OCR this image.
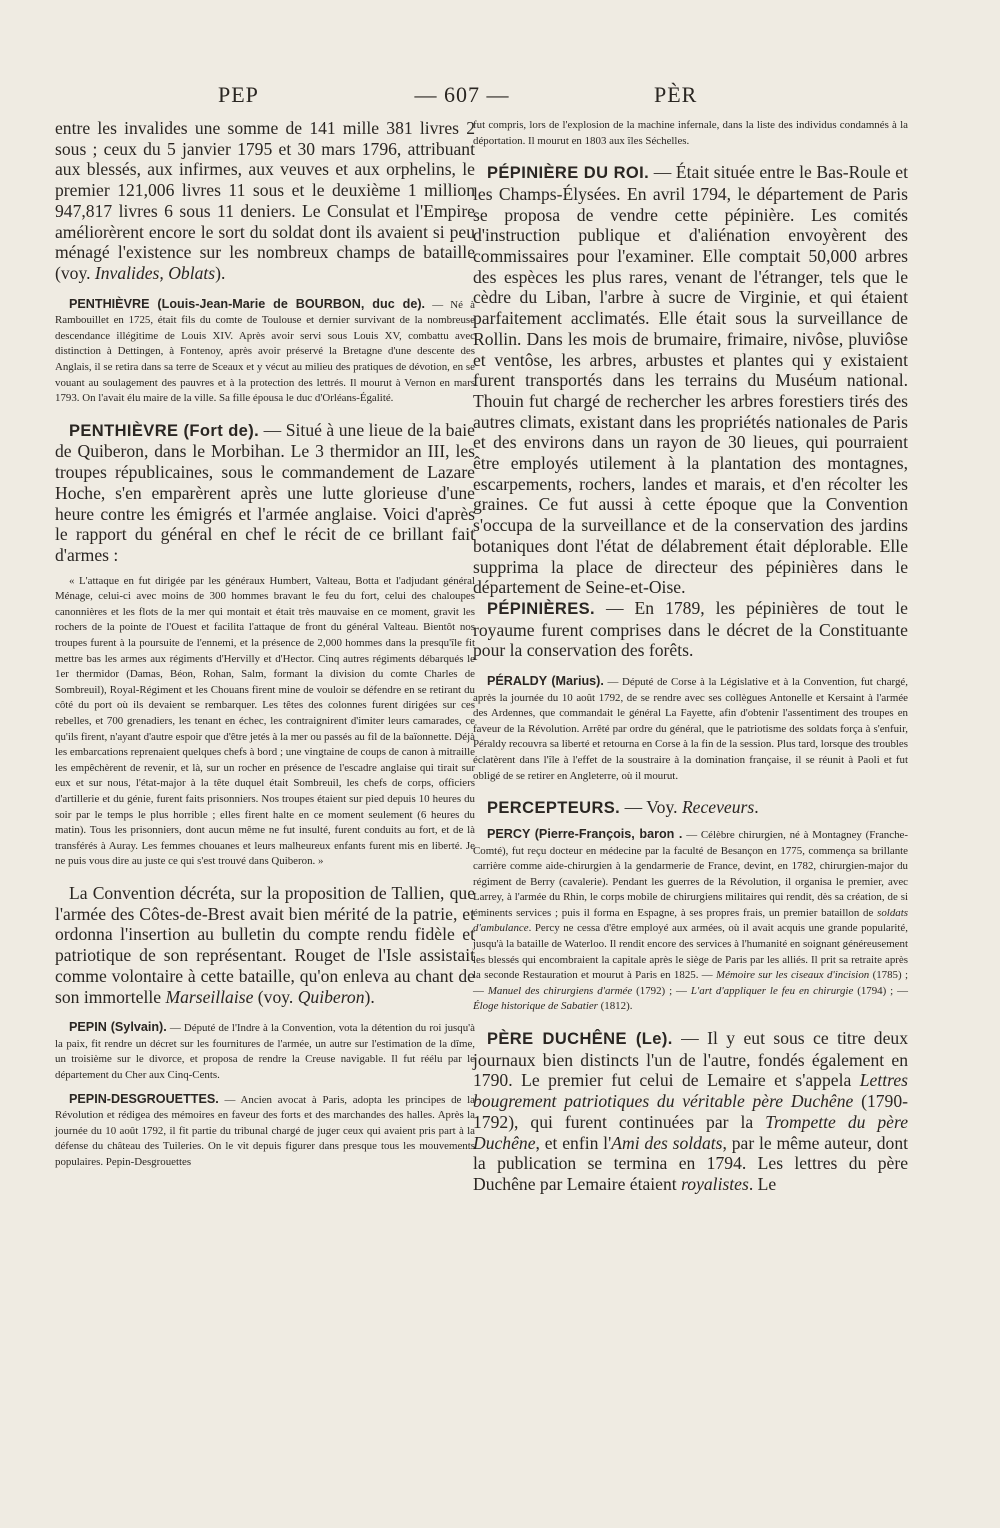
PEP	— 607 —	PÈR

entre les invalides une somme de 141 mille 381 livres 2 sous ; ceux du 5 janvier 1795 et 30 mars 1796, attribuant aux blessés, aux infirmes, aux veuves et aux orphelins, le premier 121,006 livres 11 sous et le deuxième 1 million 947,817 livres 6 sous 11 deniers. Le Consulat et l'Empire améliorèrent encore le sort du soldat dont ils avaient si peu ménagé l'existence sur les nombreux champs de bataille (voy. Invalides, Oblats).

PENTHIÈVRE (Louis-Jean-Marie de BOURBON, duc de). — Né à Rambouillet en 1725, était fils du comte de Toulouse et dernier survivant de la nombreuse descendance illégitime de Louis XIV. Après avoir servi sous Louis XV, combattu avec distinction à Dettingen, à Fontenoy, après avoir préservé la Bretagne d'une descente des Anglais, il se retira dans sa terre de Sceaux et y vécut au milieu des pratiques de dévotion, en se vouant au soulagement des pauvres et à la protection des lettrés. Il mourut à Vernon en mars 1793. On l'avait élu maire de la ville. Sa fille épousa le duc d'Orléans-Égalité.

PENTHIÈVRE (Fort de). — Situé à une lieue de la baie de Quiberon, dans le Morbihan. Le 3 thermidor an III, les troupes républicaines, sous le commandement de Lazare Hoche, s'en emparèrent après une lutte glorieuse d'une heure contre les émigrés et l'armée anglaise. Voici d'après le rapport du général en chef le récit de ce brillant fait d'armes :

« L'attaque en fut dirigée par les généraux Humbert, Valteau, Botta et l'adjudant général Ménage, celui-ci avec moins de 300 hommes bravant le feu du fort, celui des chaloupes canonnières et les flots de la mer qui montait et était très mauvaise en ce moment, gravit les rochers de la pointe de l'Ouest et facilita l'attaque de front du général Valteau. Bientôt nos troupes furent à la poursuite de l'ennemi, et la présence de 2,000 hommes dans la presqu'île fit mettre bas les armes aux régiments d'Hervilly et d'Hector. Cinq autres régiments débarqués le 1er thermidor (Damas, Béon, Rohan, Salm, formant la division du comte Charles de Sombreuil), Royal-Régiment et les Chouans firent mine de vouloir se défendre en se retirant du côté du port où ils devaient se rembarquer. Les têtes des colonnes furent dirigées sur ces rebelles, et 700 grenadiers, les tenant en échec, les contraignirent d'imiter leurs camarades, ce qu'ils firent, n'ayant d'autre espoir que d'être jetés à la mer ou passés au fil de la baïonnette. Déjà les embarcations reprenaient quelques chefs à bord ; une vingtaine de coups de canon à mitraille les empêchèrent de revenir, et là, sur un rocher en présence de l'escadre anglaise qui tirait sur eux et sur nous, l'état-major à la tête duquel était Sombreuil, les chefs de corps, officiers d'artillerie et du génie, furent faits prisonniers. Nos troupes étaient sur pied depuis 10 heures du soir par le temps le plus horrible ; elles firent halte en ce moment seulement (6 heures du matin). Tous les prisonniers, dont aucun même ne fut insulté, furent conduits au fort, et de là transférés à Auray. Les femmes chouanes et leurs malheureux enfants furent mis en liberté. Je ne puis vous dire au juste ce qui s'est trouvé dans Quiberon. »

La Convention décréta, sur la proposition de Tallien, que l'armée des Côtes-de-Brest avait bien mérité de la patrie, et ordonna l'insertion au bulletin du compte rendu fidèle et patriotique de son représentant. Rouget de l'Isle assistait comme volontaire à cette bataille, qu'on enleva au chant de son immortelle Marseillaise (voy. Quiberon).

PEPIN (Sylvain). — Député de l'Indre à la Convention, vota la détention du roi jusqu'à la paix, fit rendre un décret sur les fournitures de l'armée, un autre sur l'estimation de la dîme, un troisième sur le divorce, et proposa de rendre la Creuse navigable. Il fut réélu par le département du Cher aux Cinq-Cents.

PEPIN-DESGROUETTES. — Ancien avocat à Paris, adopta les principes de la Révolution et rédigea des mémoires en faveur des forts et des marchandes des halles. Après la journée du 10 août 1792, il fit partie du tribunal chargé de juger ceux qui avaient pris part à la défense du château des Tuileries. On le vit depuis figurer dans presque tous les mouvements populaires. Pepin-Desgrouettes

fut compris, lors de l'explosion de la machine infernale, dans la liste des individus condamnés à la déportation. Il mourut en 1803 aux îles Séchelles.

PÉPINIÈRE DU ROI. — Était située entre le Bas-Roule et les Champs-Élysées. En avril 1794, le département de Paris se proposa de vendre cette pépinière. Les comités d'instruction publique et d'aliénation envoyèrent des commissaires pour l'examiner. Elle comptait 50,000 arbres des espèces les plus rares, venant de l'étranger, tels que le cèdre du Liban, l'arbre à sucre de Virginie, et qui étaient parfaitement acclimatés. Elle était sous la surveillance de Rollin. Dans les mois de brumaire, frimaire, nivôse, pluviôse et ventôse, les arbres, arbustes et plantes qui y existaient furent transportés dans les terrains du Muséum national. Thouin fut chargé de rechercher les arbres forestiers tirés des autres climats, existant dans les propriétés nationales de Paris et des environs dans un rayon de 30 lieues, qui pourraient être employés utilement à la plantation des montagnes, escarpements, rochers, landes et marais, et d'en récolter les graines. Ce fut aussi à cette époque que la Convention s'occupa de la surveillance et de la conservation des jardins botaniques dont l'état de délabrement était déplorable. Elle supprima la place de directeur des pépinières dans le département de Seine-et-Oise.

PÉPINIÈRES. — En 1789, les pépinières de tout le royaume furent comprises dans le décret de la Constituante pour la conservation des forêts.

PÉRALDY (Marius). — Député de Corse à la Législative et à la Convention, fut chargé, après la journée du 10 août 1792, de se rendre avec ses collègues Antonelle et Kersaint à l'armée des Ardennes, que commandait le général La Fayette, afin d'obtenir l'assentiment des troupes en faveur de la Révolution. Arrêté par ordre du général, que le patriotisme des soldats força à s'enfuir, Péraldy recouvra sa liberté et retourna en Corse à la fin de la session. Plus tard, lorsque des troubles éclatèrent dans l'île à l'effet de la soustraire à la domination française, il se réunit à Paoli et fut obligé de se retirer en Angleterre, où il mourut.

PERCEPTEURS. — Voy. Receveurs.

PERCY (Pierre-François, baron . — Célèbre chirurgien, né à Montagney (Franche-Comté), fut reçu docteur en médecine par la faculté de Besançon en 1775, commença sa brillante carrière comme aide-chirurgien à la gendarmerie de France, devint, en 1782, chirurgien-major du régiment de Berry (cavalerie). Pendant les guerres de la Révolution, il organisa le premier, avec Larrey, à l'armée du Rhin, le corps mobile de chirurgiens militaires qui rendit, dès sa création, de si éminents services ; puis il forma en Espagne, à ses propres frais, un premier bataillon de soldats d'ambulance. Percy ne cessa d'être employé aux armées, où il avait acquis une grande popularité, jusqu'à la bataille de Waterloo. Il rendit encore des services à l'humanité en soignant généreusement les blessés qui encombraient la capitale après le siège de Paris par les alliés. Il prit sa retraite après la seconde Restauration et mourut à Paris en 1825. — Mémoire sur les ciseaux d'incision (1785) ; — Manuel des chirurgiens d'armée (1792) ; — L'art d'appliquer le feu en chirurgie (1794) ; — Éloge historique de Sabatier (1812).

PÈRE DUCHÊNE (Le). — Il y eut sous ce titre deux journaux bien distincts l'un de l'autre, fondés également en 1790. Le premier fut celui de Lemaire et s'appela Lettres bougrement patriotiques du véritable père Duchêne (1790-1792), qui furent continuées par la Trompette du père Duchêne, et enfin l'Ami des soldats, par le même auteur, dont la publication se termina en 1794. Les lettres du père Duchêne par Lemaire étaient royalistes. Le
